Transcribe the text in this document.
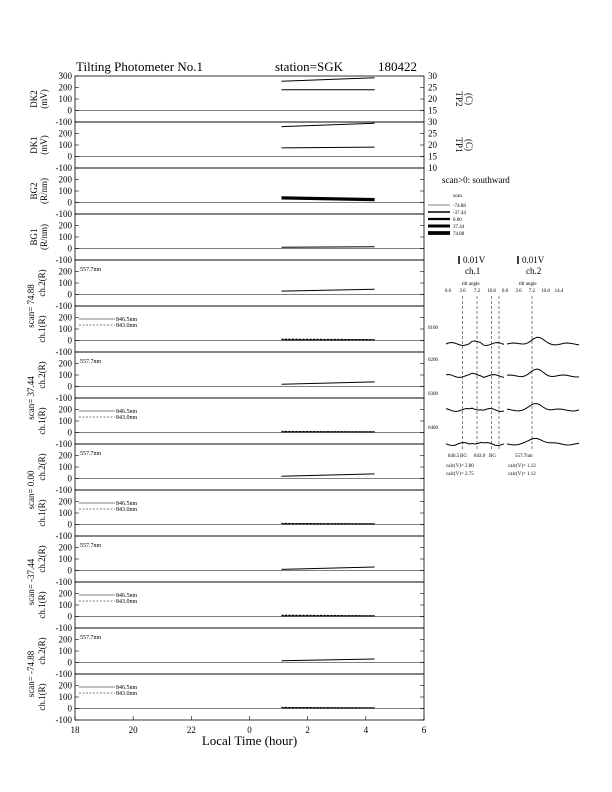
Tilting Photometer No.1	station=SGK	180422
-100
0
100
200
300
15
20
25
30
TP2 (C)
DK2 (mV)
-100
0
100
200
10
15
20
25
30
TP1 (C)
DK1 (mV)
-100
0
100
200
BG2 (R/nm)
-100
0
100
200
BG1 (R/nm)
-100
0
100
200
ch.2(R)	557.7nm
-100
0
100
200
ch.1(R)	846.5nm
843.0nm
-100
0
100
200
ch.2(R)	557.7nm
-100
0
100
200
ch.1(R)	846.5nm
843.0nm
-100
0
100
200
ch.2(R)	557.7nm
-100
0
100
200
ch.1(R)	846.5nm
843.0nm
-100
0
100
200
ch.2(R)	557.7nm
-100
0
100
200
ch.1(R)	846.5nm
843.0nm
-100
0
100
200
ch.2(R)	557.7nm
-100
0
100
200
ch.1(R)	846.5nm
843.0nm
scan= 74.88
scan= 37.44
scan= 0.00
scan= -37.44
scan= -74.88
18	20	22	0	2	4	6
Local Time (hour)
scan>0: southward
scan
-74.88
-37.44
0.00
37.44
74.88
0.01V
ch.1
0.01V
ch.2
tilt angle	tilt angle
0.0 3.6 7.2 10.8 0.0 3.6 7.2 10.8 14.4
0100
0200
0300
0400
846.5 BG 843.0 BG	557.7nm
calc(V)= 2.80
calc(V)= 2.75
calc(V)= 1.12
calc(V)= 1.12
